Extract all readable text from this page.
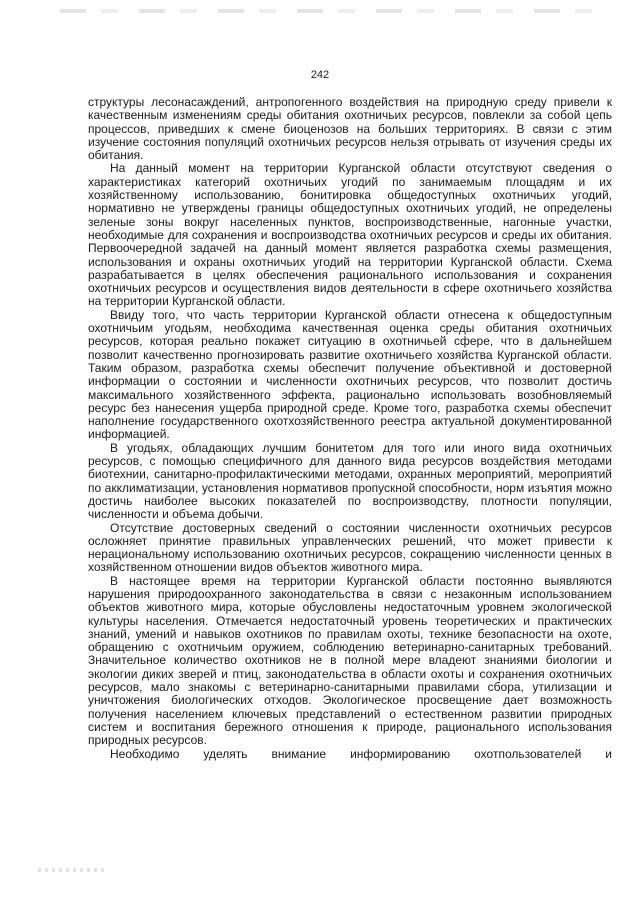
242

структуры лесонасаждений, антропогенного воздействия на природную среду привели к качественным изменениям среды обитания охотничьих ресурсов, повлекли за собой цепь процессов, приведших к смене биоценозов на больших территориях. В связи с этим изучение состояния популяций охотничьих ресурсов нельзя отрывать от изучения среды их обитания.

На данный момент на территории Курганской области отсутствуют сведения о характеристиках категорий охотничьих угодий по занимаемым площадям и их хозяйственному использованию, бонитировка общедоступных охотничьих угодий, нормативно не утверждены границы общедоступных охотничьих угодий, не определены зеленые зоны вокруг населенных пунктов, воспроизводственные, нагонные участки, необходимые для сохранения и воспроизводства охотничьих ресурсов и среды их обитания. Первоочередной задачей на данный момент является разработка схемы размещения, использования и охраны охотничьих угодий на территории Курганской области. Схема разрабатывается в целях обеспечения рационального использования и сохранения охотничьих ресурсов и осуществления видов деятельности в сфере охотничьего хозяйства на территории Курганской области.

Ввиду того, что часть территории Курганской области отнесена к общедоступным охотничьим угодьям, необходима качественная оценка среды обитания охотничьих ресурсов, которая реально покажет ситуацию в охотничьей сфере, что в дальнейшем позволит качественно прогнозировать развитие охотничьего хозяйства Курганской области. Таким образом, разработка схемы обеспечит получение объективной и достоверной информации о состоянии и численности охотничьих ресурсов, что позволит достичь максимального хозяйственного эффекта, рационально использовать возобновляемый ресурс без нанесения ущерба природной среде. Кроме того, разработка схемы обеспечит наполнение государственного охотхозяйственного реестра актуальной документированной информацией.

В угодьях, обладающих лучшим бонитетом для того или иного вида охотничьих ресурсов, с помощью специфичного для данного вида ресурсов воздействия методами биотехнии, санитарно-профилактическими методами, охранных мероприятий, мероприятий по акклиматизации, установления нормативов пропускной способности, норм изъятия можно достичь наиболее высоких показателей по воспроизводству, плотности популяции, численности и объема добычи.

Отсутствие достоверных сведений о состоянии численности охотничьих ресурсов осложняет принятие правильных управленческих решений, что может привести к нерациональному использованию охотничьих ресурсов, сокращению численности ценных в хозяйственном отношении видов объектов животного мира.

В настоящее время на территории Курганской области постоянно выявляются нарушения природоохранного законодательства в связи с незаконным использованием объектов животного мира, которые обусловлены недостаточным уровнем экологической культуры населения. Отмечается недостаточный уровень теоретических и практических знаний, умений и навыков охотников по правилам охоты, технике безопасности на охоте, обращению с охотничьим оружием, соблюдению ветеринарно-санитарных требований. Значительное количество охотников не в полной мере владеют знаниями биологии и экологии диких зверей и птиц, законодательства в области охоты и сохранения охотничьих ресурсов, мало знакомы с ветеринарно-санитарными правилами сбора, утилизации и уничтожения биологических отходов. Экологическое просвещение дает возможность получения населением ключевых представлений о естественном развитии природных систем и воспитания бережного отношения к природе, рационального использования природных ресурсов.

Необходимо уделять внимание информированию охотпользователей и
